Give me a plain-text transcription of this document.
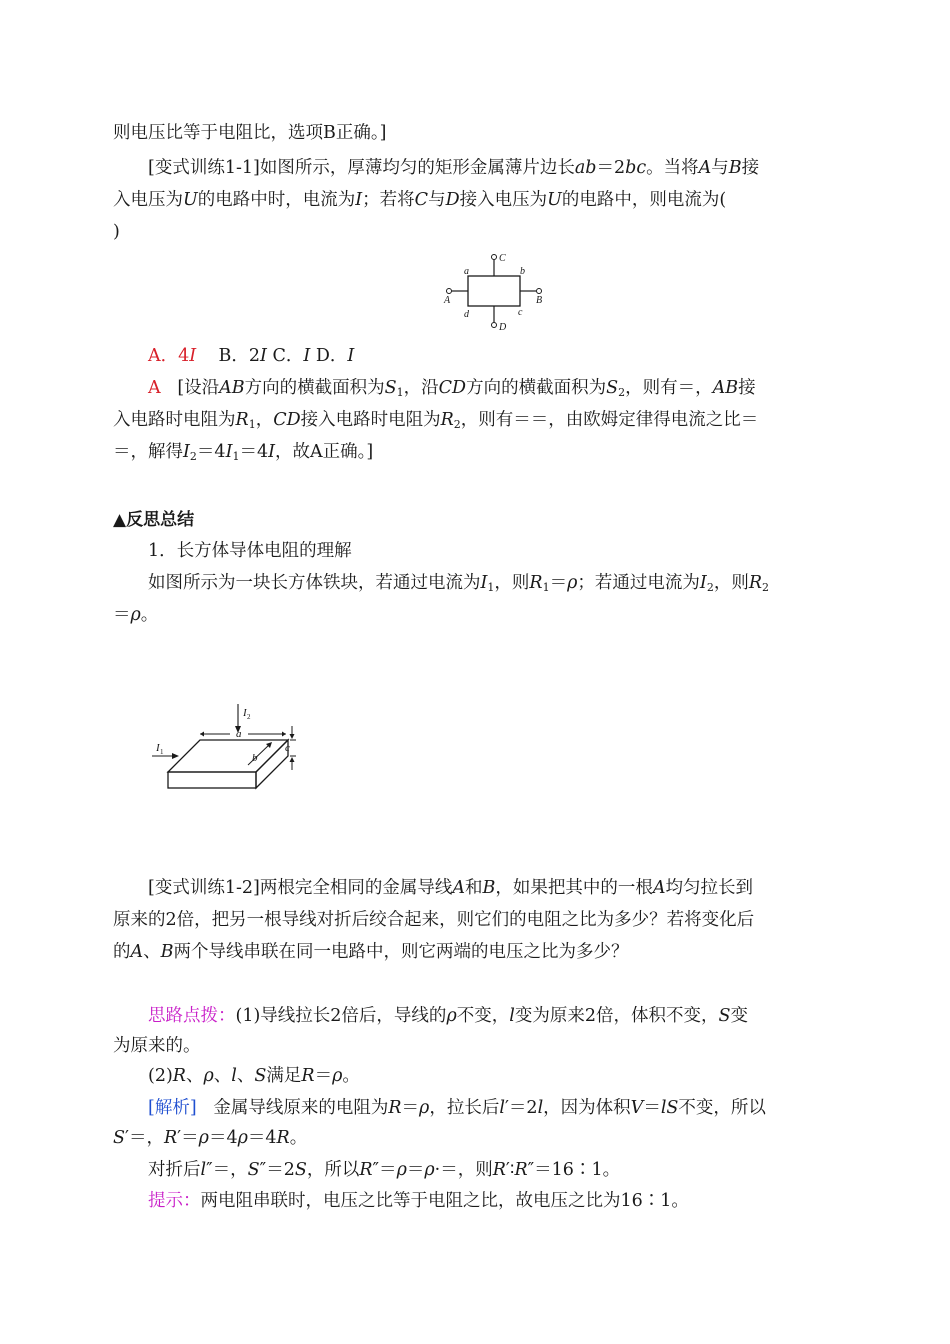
则电压比等于电阻比，选项B正确。]
[变式训练1-1]如图所示，厚薄均匀的矩形金属薄片边长ab＝2bc。当将A与B接
入电压为U的电路中时，电流为I；若将C与D接入电压为U的电路中，则电流为(
)
C
a	b
A	B
d	c
D
A．4I B．2I C．I D．I
A [设沿AB方向的横截面积为$S_1$，沿CD方向的横截面积为$S_2$，则有＝，AB接
入电路时电阻为$R_1$，CD接入电路时电阻为$R_2$，则有＝＝，由欧姆定律得电流之比＝
＝，解得$I_2=4I_1=4I$，故A正确。]
▲反思总结
1．长方体导体电阻的理解
如图所示为一块长方体铁块，若通过电流为$I_1$，则$R_1=\rho$；若通过电流为$I_2$，则$R_2$
＝ρ。
I 2
a
I 1	b
c
[变式训练1-2]两根完全相同的金属导线A和B，如果把其中的一根A均匀拉长到
原来的2倍，把另一根导线对折后绞合起来，则它们的电阻之比为多少？若将变化后
的A、B两个导线串联在同一电路中，则它两端的电压之比为多少？
思路点拨：(1)导线拉长2倍后，导线的ρ不变，l变为原来2倍，体积不变，S变
为原来的。
(2)R、ρ、l、S满足R＝ρ。
[解析] 金属导线原来的电阻为R＝ρ，拉长后l′＝2l，因为体积V＝lS不变，所以
S′＝，R′＝ρ＝4ρ＝4R。
对折后l″＝，S″＝2S，所以R″＝ρ＝ρ·＝，则R′∶R″＝16∶1。
提示：两电阻串联时，电压之比等于电阻之比，故电压之比为16∶1。
